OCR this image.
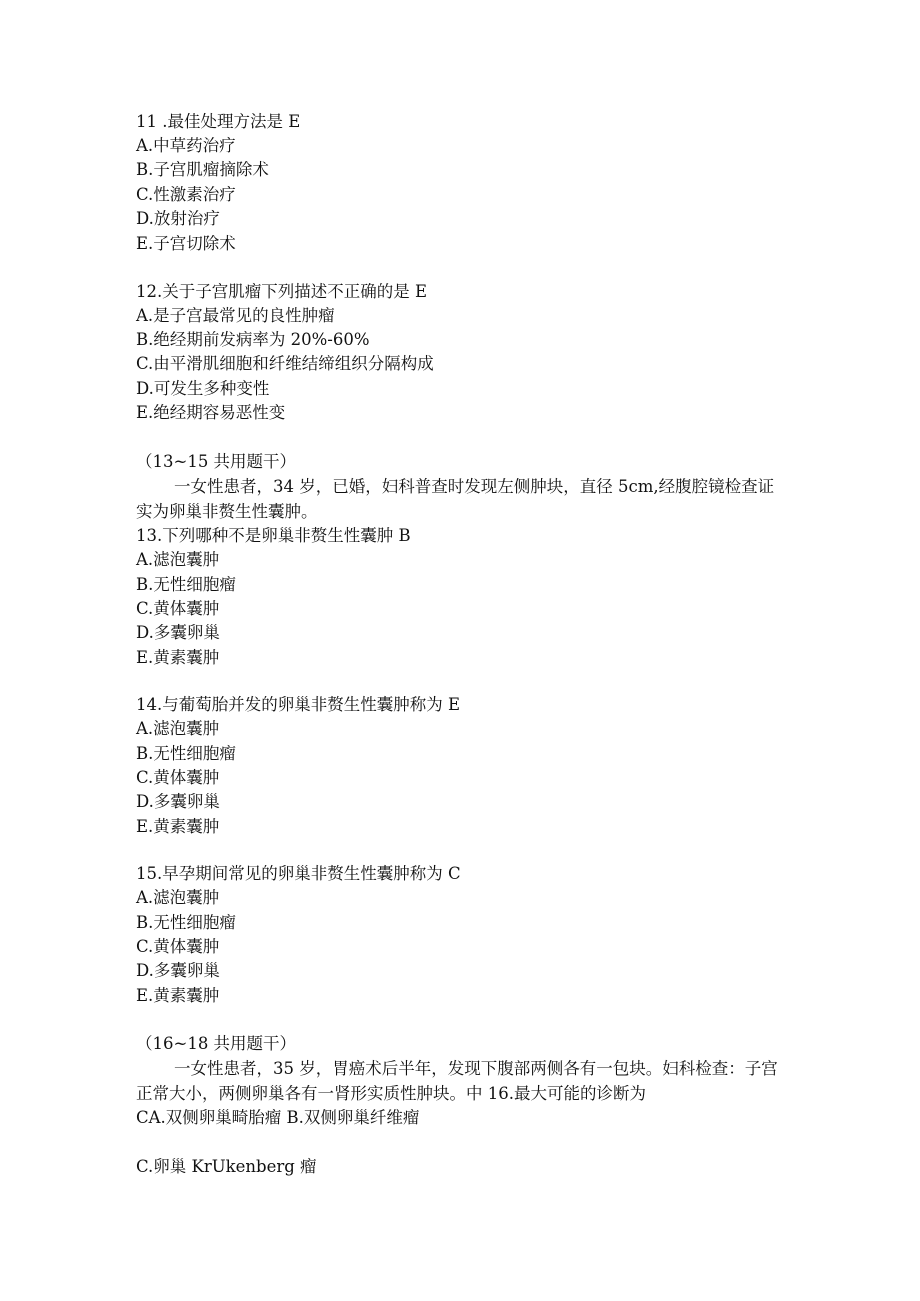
11 .最佳处理方法是 E
A.中草药治疗
B.子宫肌瘤摘除术
C.性激素治疗
D.放射治疗
E.子宫切除术
12.关于子宫肌瘤下列描述不正确的是 E
A.是子宫最常见的良性肿瘤
B.绝经期前发病率为 20%-60%
C.由平滑肌细胞和纤维结缔组织分隔构成
D.可发生多种变性
E.绝经期容易恶性变
（13~15 共用题干）
一女性患者，34 岁，已婚，妇科普查时发现左侧肿块，直径 5cm,经腹腔镜检查证实为卵巢非赘生性囊肿。
13.下列哪种不是卵巢非赘生性囊肿 B
A.滤泡囊肿
B.无性细胞瘤
C.黄体囊肿
D.多囊卵巢
E.黄素囊肿
14.与葡萄胎并发的卵巢非赘生性囊肿称为 E
A.滤泡囊肿
B.无性细胞瘤
C.黄体囊肿
D.多囊卵巢
E.黄素囊肿
15.早孕期间常见的卵巢非赘生性囊肿称为 C
A.滤泡囊肿
B.无性细胞瘤
C.黄体囊肿
D.多囊卵巢
E.黄素囊肿
（16~18 共用题干）
一女性患者，35 岁，胃癌术后半年，发现下腹部两侧各有一包块。妇科检查：子宫正常大小，两侧卵巢各有一肾形实质性肿块。中 16.最大可能的诊断为
CA.双侧卵巢畸胎瘤 B.双侧卵巢纤维瘤
C.卵巢 KrUkenberg 瘤
